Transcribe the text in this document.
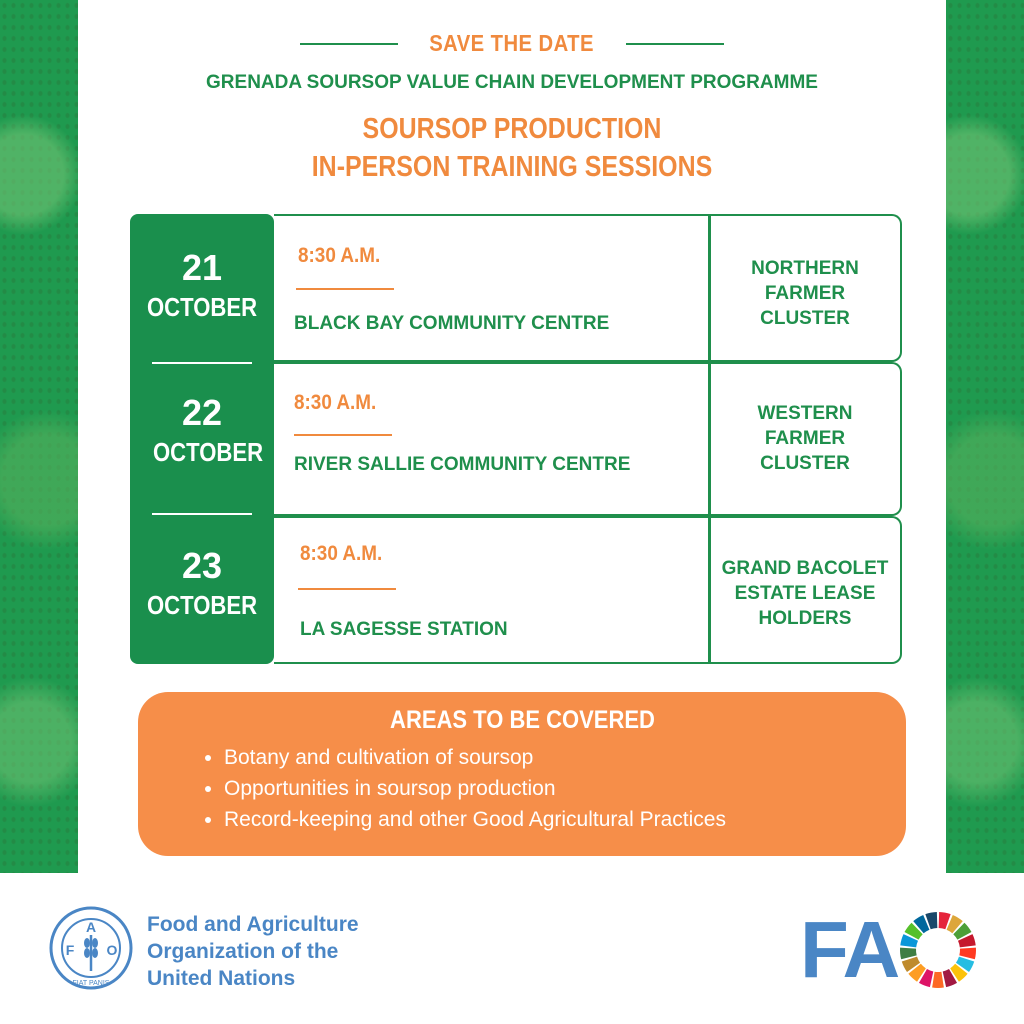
SAVE THE DATE
GRENADA SOURSOP VALUE CHAIN DEVELOPMENT PROGRAMME
SOURSOP PRODUCTION
IN-PERSON TRAINING SESSIONS
21
OCTOBER
22
OCTOBER
23
OCTOBER
8:30 A.M.
BLACK BAY COMMUNITY CENTRE
NORTHERN
FARMER
CLUSTER
8:30 A.M.
RIVER SALLIE COMMUNITY CENTRE
WESTERN
FARMER
CLUSTER
8:30 A.M.
LA SAGESSE STATION
GRAND BACOLET
ESTATE LEASE
HOLDERS
AREAS TO BE COVERED
• Botany and cultivation of soursop
• Opportunities in soursop production
• Record-keeping and other Good Agricultural Practices
A
F O
FIAT PANIS
Food and Agriculture
Organization of the
United Nations	FA
